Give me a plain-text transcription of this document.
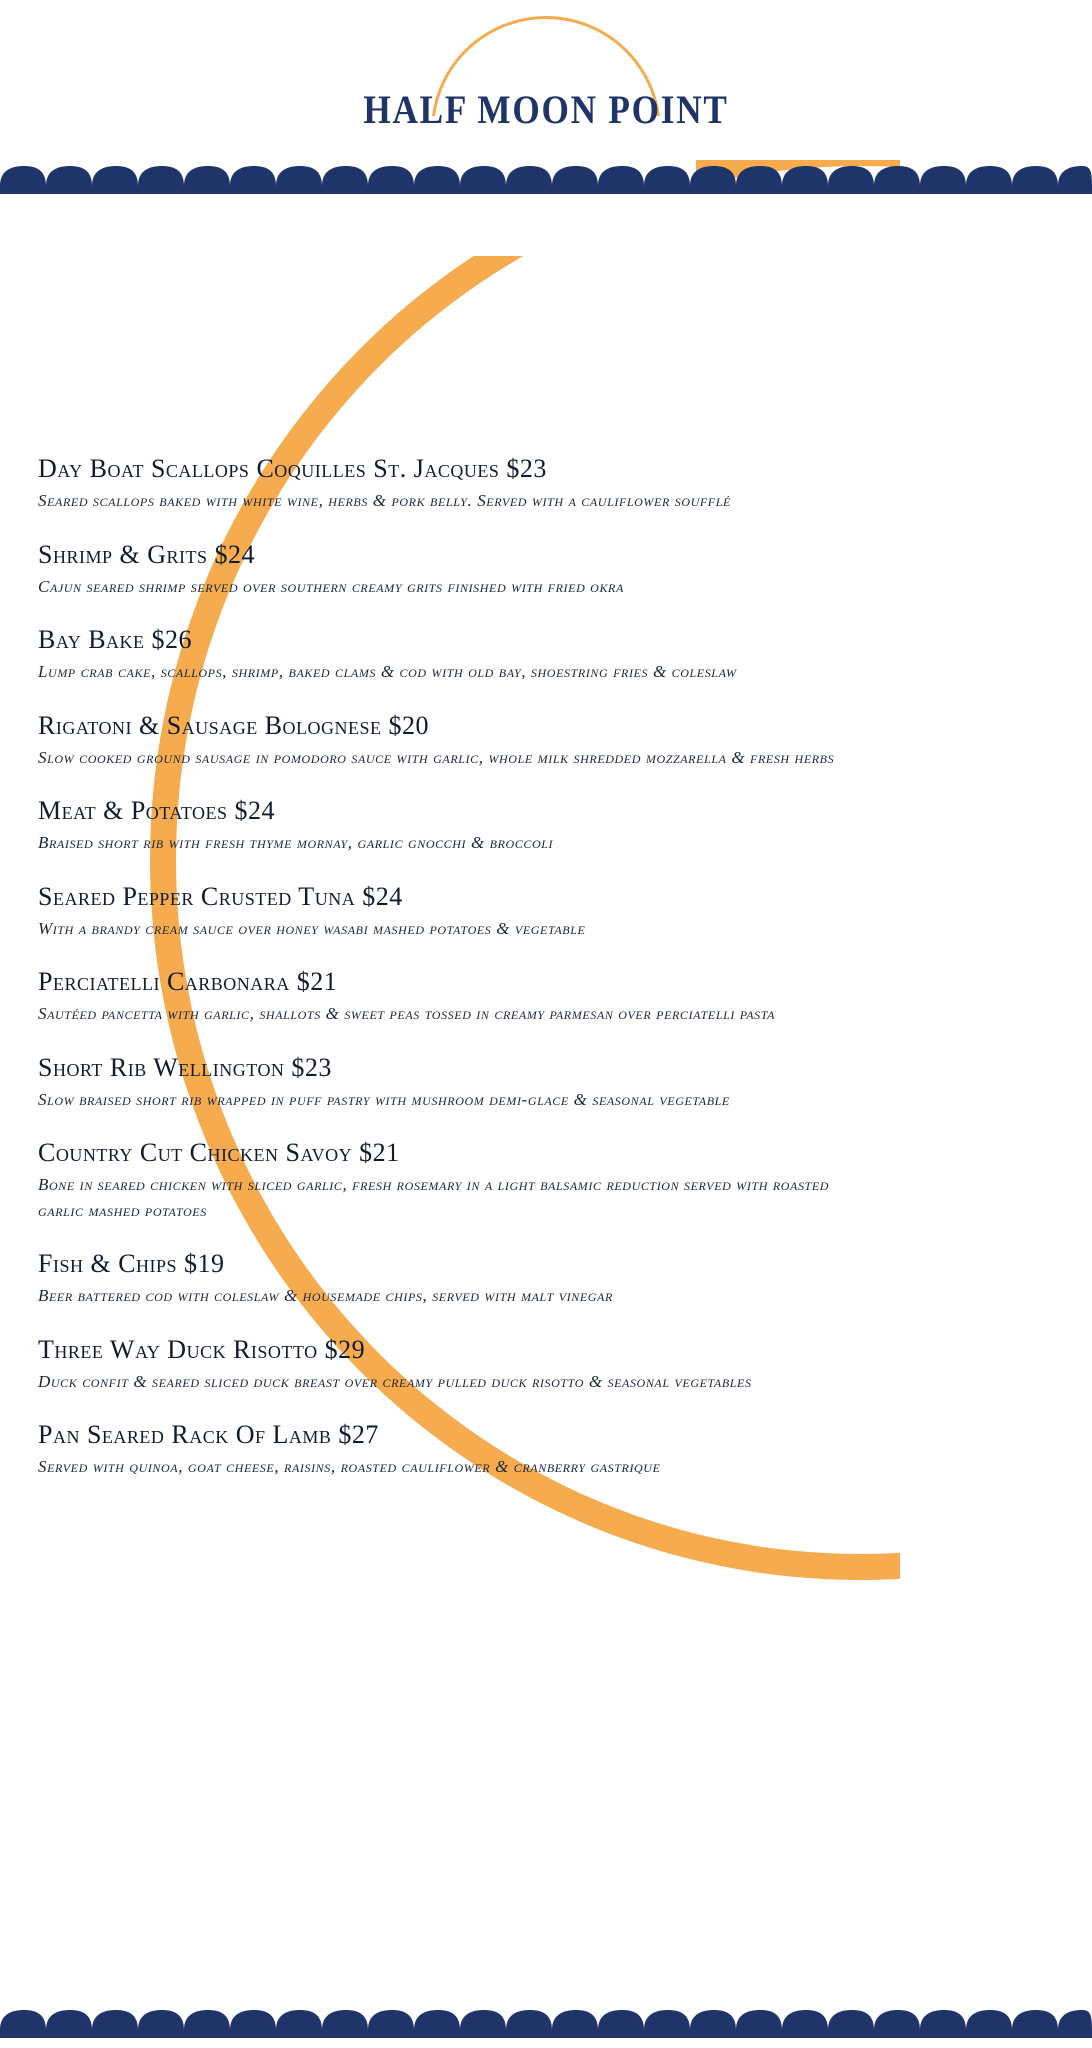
HALF MOON POINT
Day Boat Scallops Coquilles St. Jacques $23

Seared scallops baked with white wine, herbs & pork belly. Served with a cauliflower soufflé

Shrimp & Grits $24

Cajun seared shrimp served over southern creamy grits finished with fried okra

Bay Bake $26

Lump crab cake, scallops, shrimp, baked clams & cod with old bay, shoestring fries & coleslaw

Rigatoni & Sausage Bolognese $20

Slow cooked ground sausage in pomodoro sauce with garlic, whole milk shredded mozzarella & fresh herbs

Meat & Potatoes $24

Braised short rib with fresh thyme mornay, garlic gnocchi & broccoli

Seared Pepper Crusted Tuna $24

With a brandy cream sauce over honey wasabi mashed potatoes & vegetable

Perciatelli Carbonara $21

Sautéed pancetta with garlic, shallots & sweet peas tossed in creamy parmesan over perciatelli pasta

Short Rib Wellington $23

Slow braised short rib wrapped in puff pastry with mushroom demi-glace & seasonal vegetable

Country Cut Chicken Savoy $21

Bone in seared chicken with sliced garlic, fresh rosemary in a light balsamic reduction served with roasted garlic mashed potatoes

Fish & Chips $19

Beer battered cod with coleslaw & housemade chips, served with malt vinegar

Three Way Duck Risotto $29

Duck confit & seared sliced duck breast over creamy pulled duck risotto & seasonal vegetables

Pan Seared Rack Of Lamb $27

Served with quinoa, goat cheese, raisins, roasted cauliflower & cranberry gastrique
